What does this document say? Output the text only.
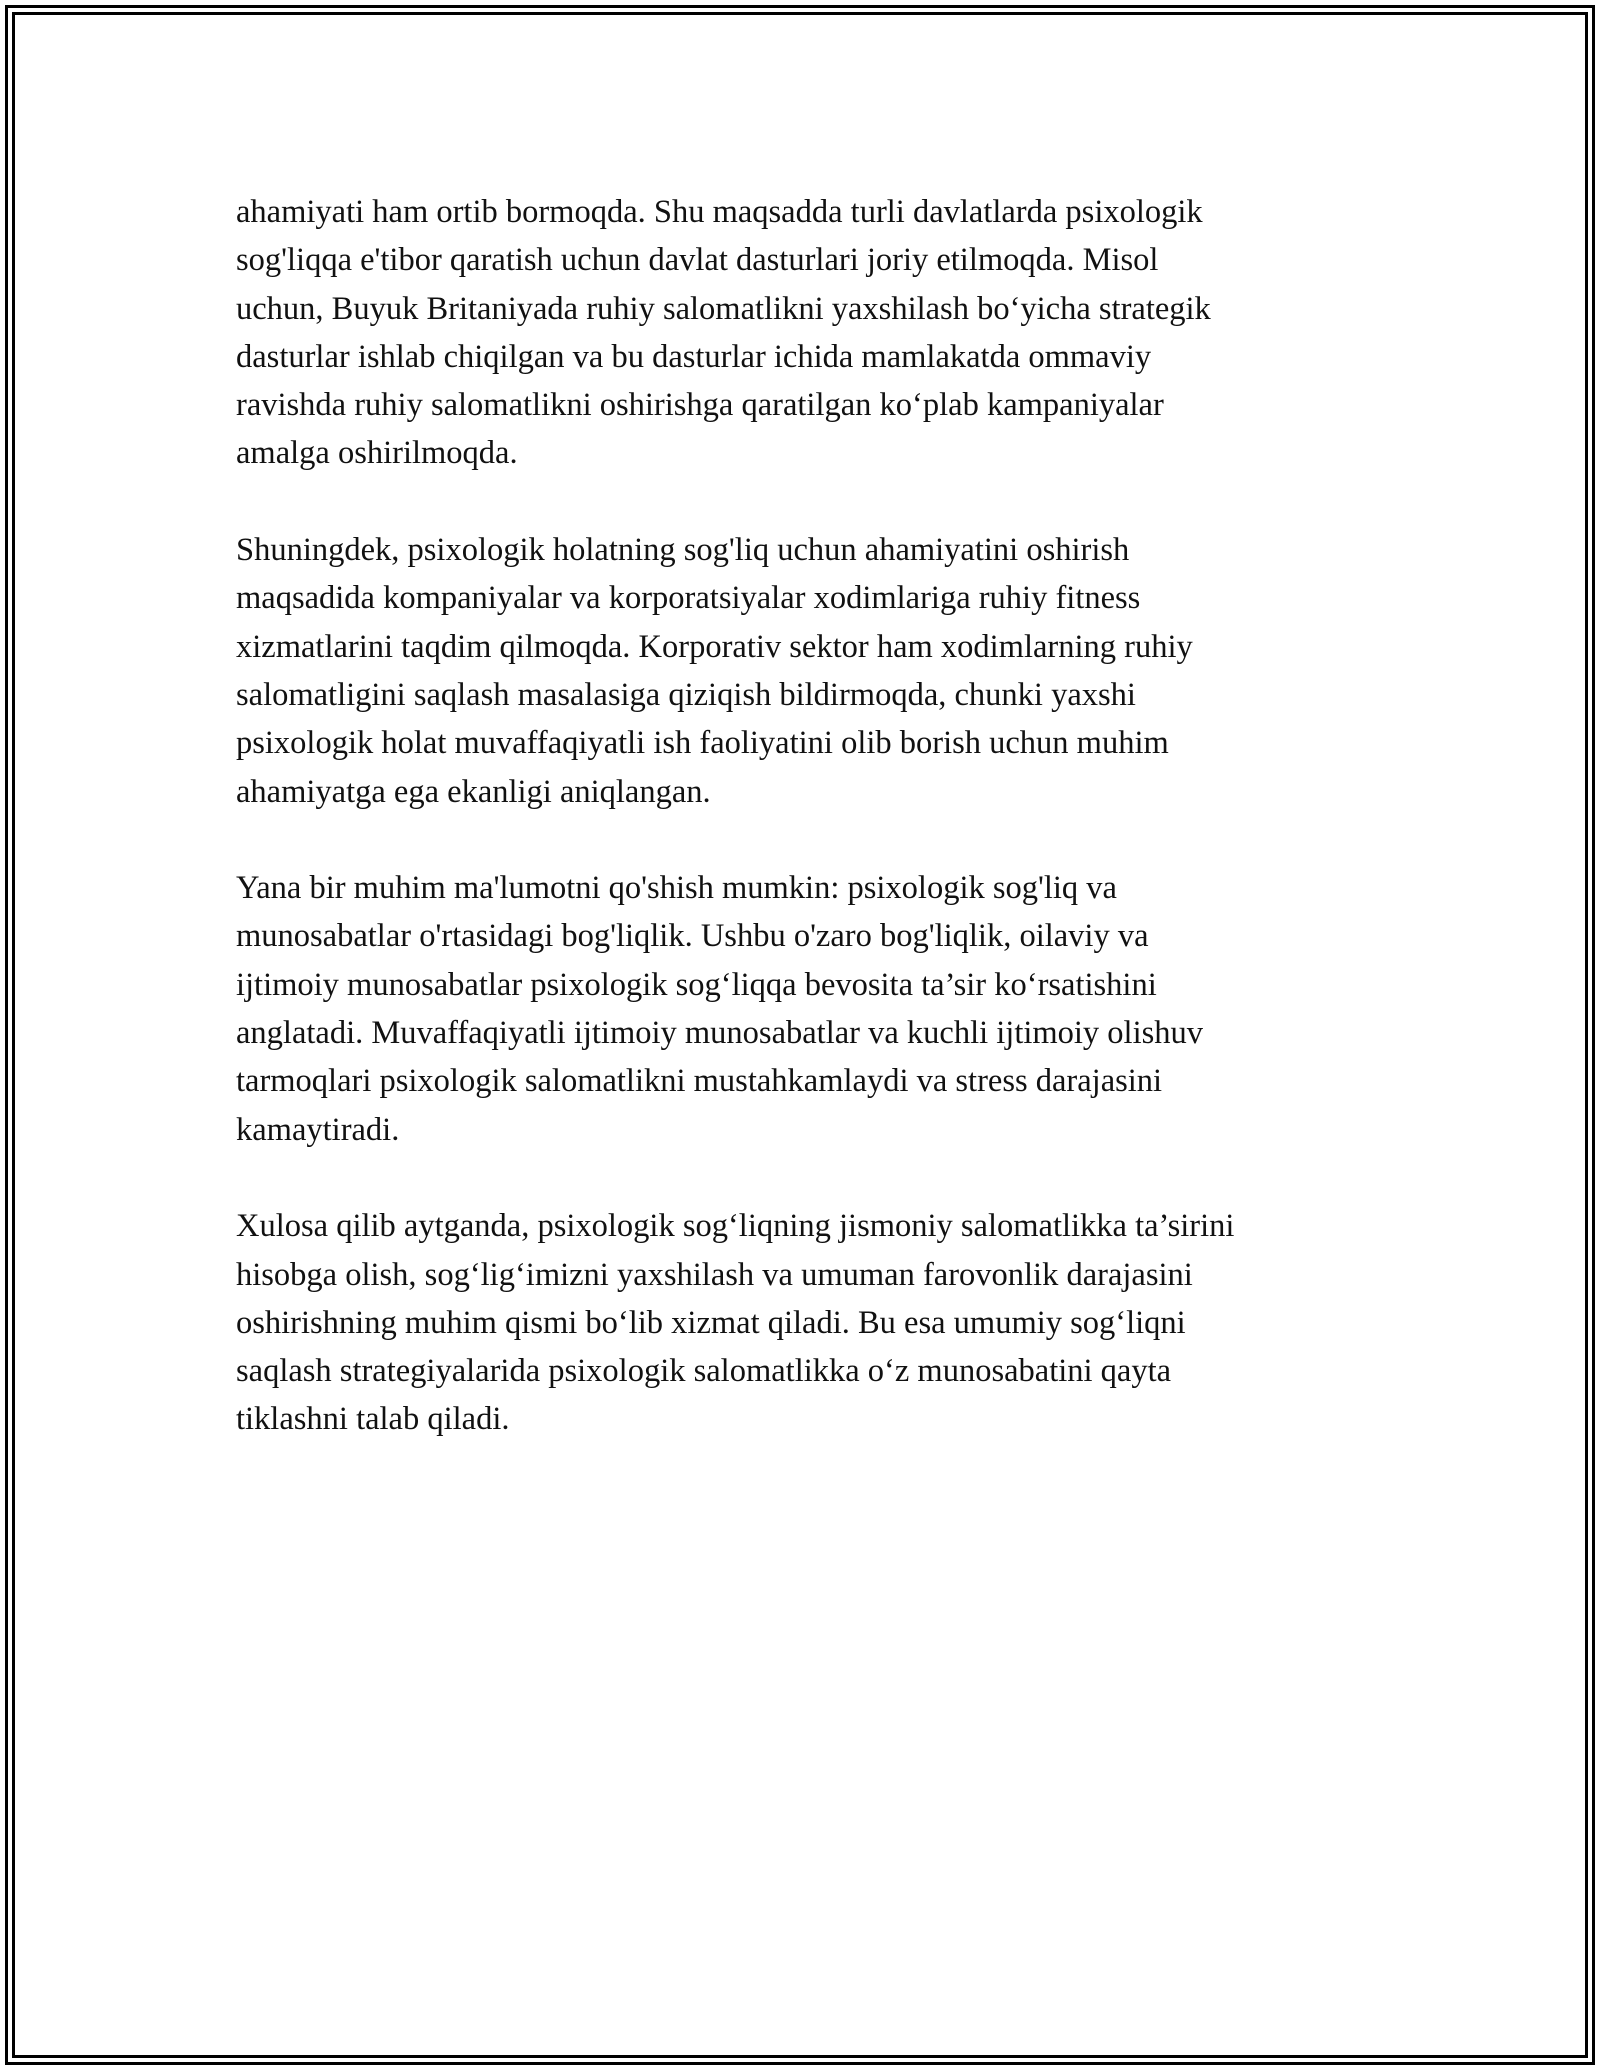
ahamiyati ham ortib bormoqda. Shu maqsadda turli davlatlarda psixologik
sog'liqqa e'tibor qaratish uchun davlat dasturlari joriy etilmoqda. Misol
uchun, Buyuk Britaniyada ruhiy salomatlikni yaxshilash bo‘yicha strategik
dasturlar ishlab chiqilgan va bu dasturlar ichida mamlakatda ommaviy
ravishda ruhiy salomatlikni oshirishga qaratilgan ko‘plab kampaniyalar
amalga oshirilmoqda.

Shuningdek, psixologik holatning sog'liq uchun ahamiyatini oshirish
maqsadida kompaniyalar va korporatsiyalar xodimlariga ruhiy fitness
xizmatlarini taqdim qilmoqda. Korporativ sektor ham xodimlarning ruhiy
salomatligini saqlash masalasiga qiziqish bildirmoqda, chunki yaxshi
psixologik holat muvaffaqiyatli ish faoliyatini olib borish uchun muhim
ahamiyatga ega ekanligi aniqlangan.

Yana bir muhim ma'lumotni qo'shish mumkin: psixologik sog'liq va
munosabatlar o'rtasidagi bog'liqlik. Ushbu o'zaro bog'liqlik, oilaviy va
ijtimoiy munosabatlar psixologik sog‘liqqa bevosita ta’sir ko‘rsatishini
anglatadi. Muvaffaqiyatli ijtimoiy munosabatlar va kuchli ijtimoiy olishuv
tarmoqlari psixologik salomatlikni mustahkamlaydi va stress darajasini
kamaytiradi.

Xulosa qilib aytganda, psixologik sog‘liqning jismoniy salomatlikka ta’sirini
hisobga olish, sog‘lig‘imizni yaxshilash va umuman farovonlik darajasini
oshirishning muhim qismi bo‘lib xizmat qiladi. Bu esa umumiy sog‘liqni
saqlash strategiyalarida psixologik salomatlikka o‘z munosabatini qayta
tiklashni talab qiladi.
